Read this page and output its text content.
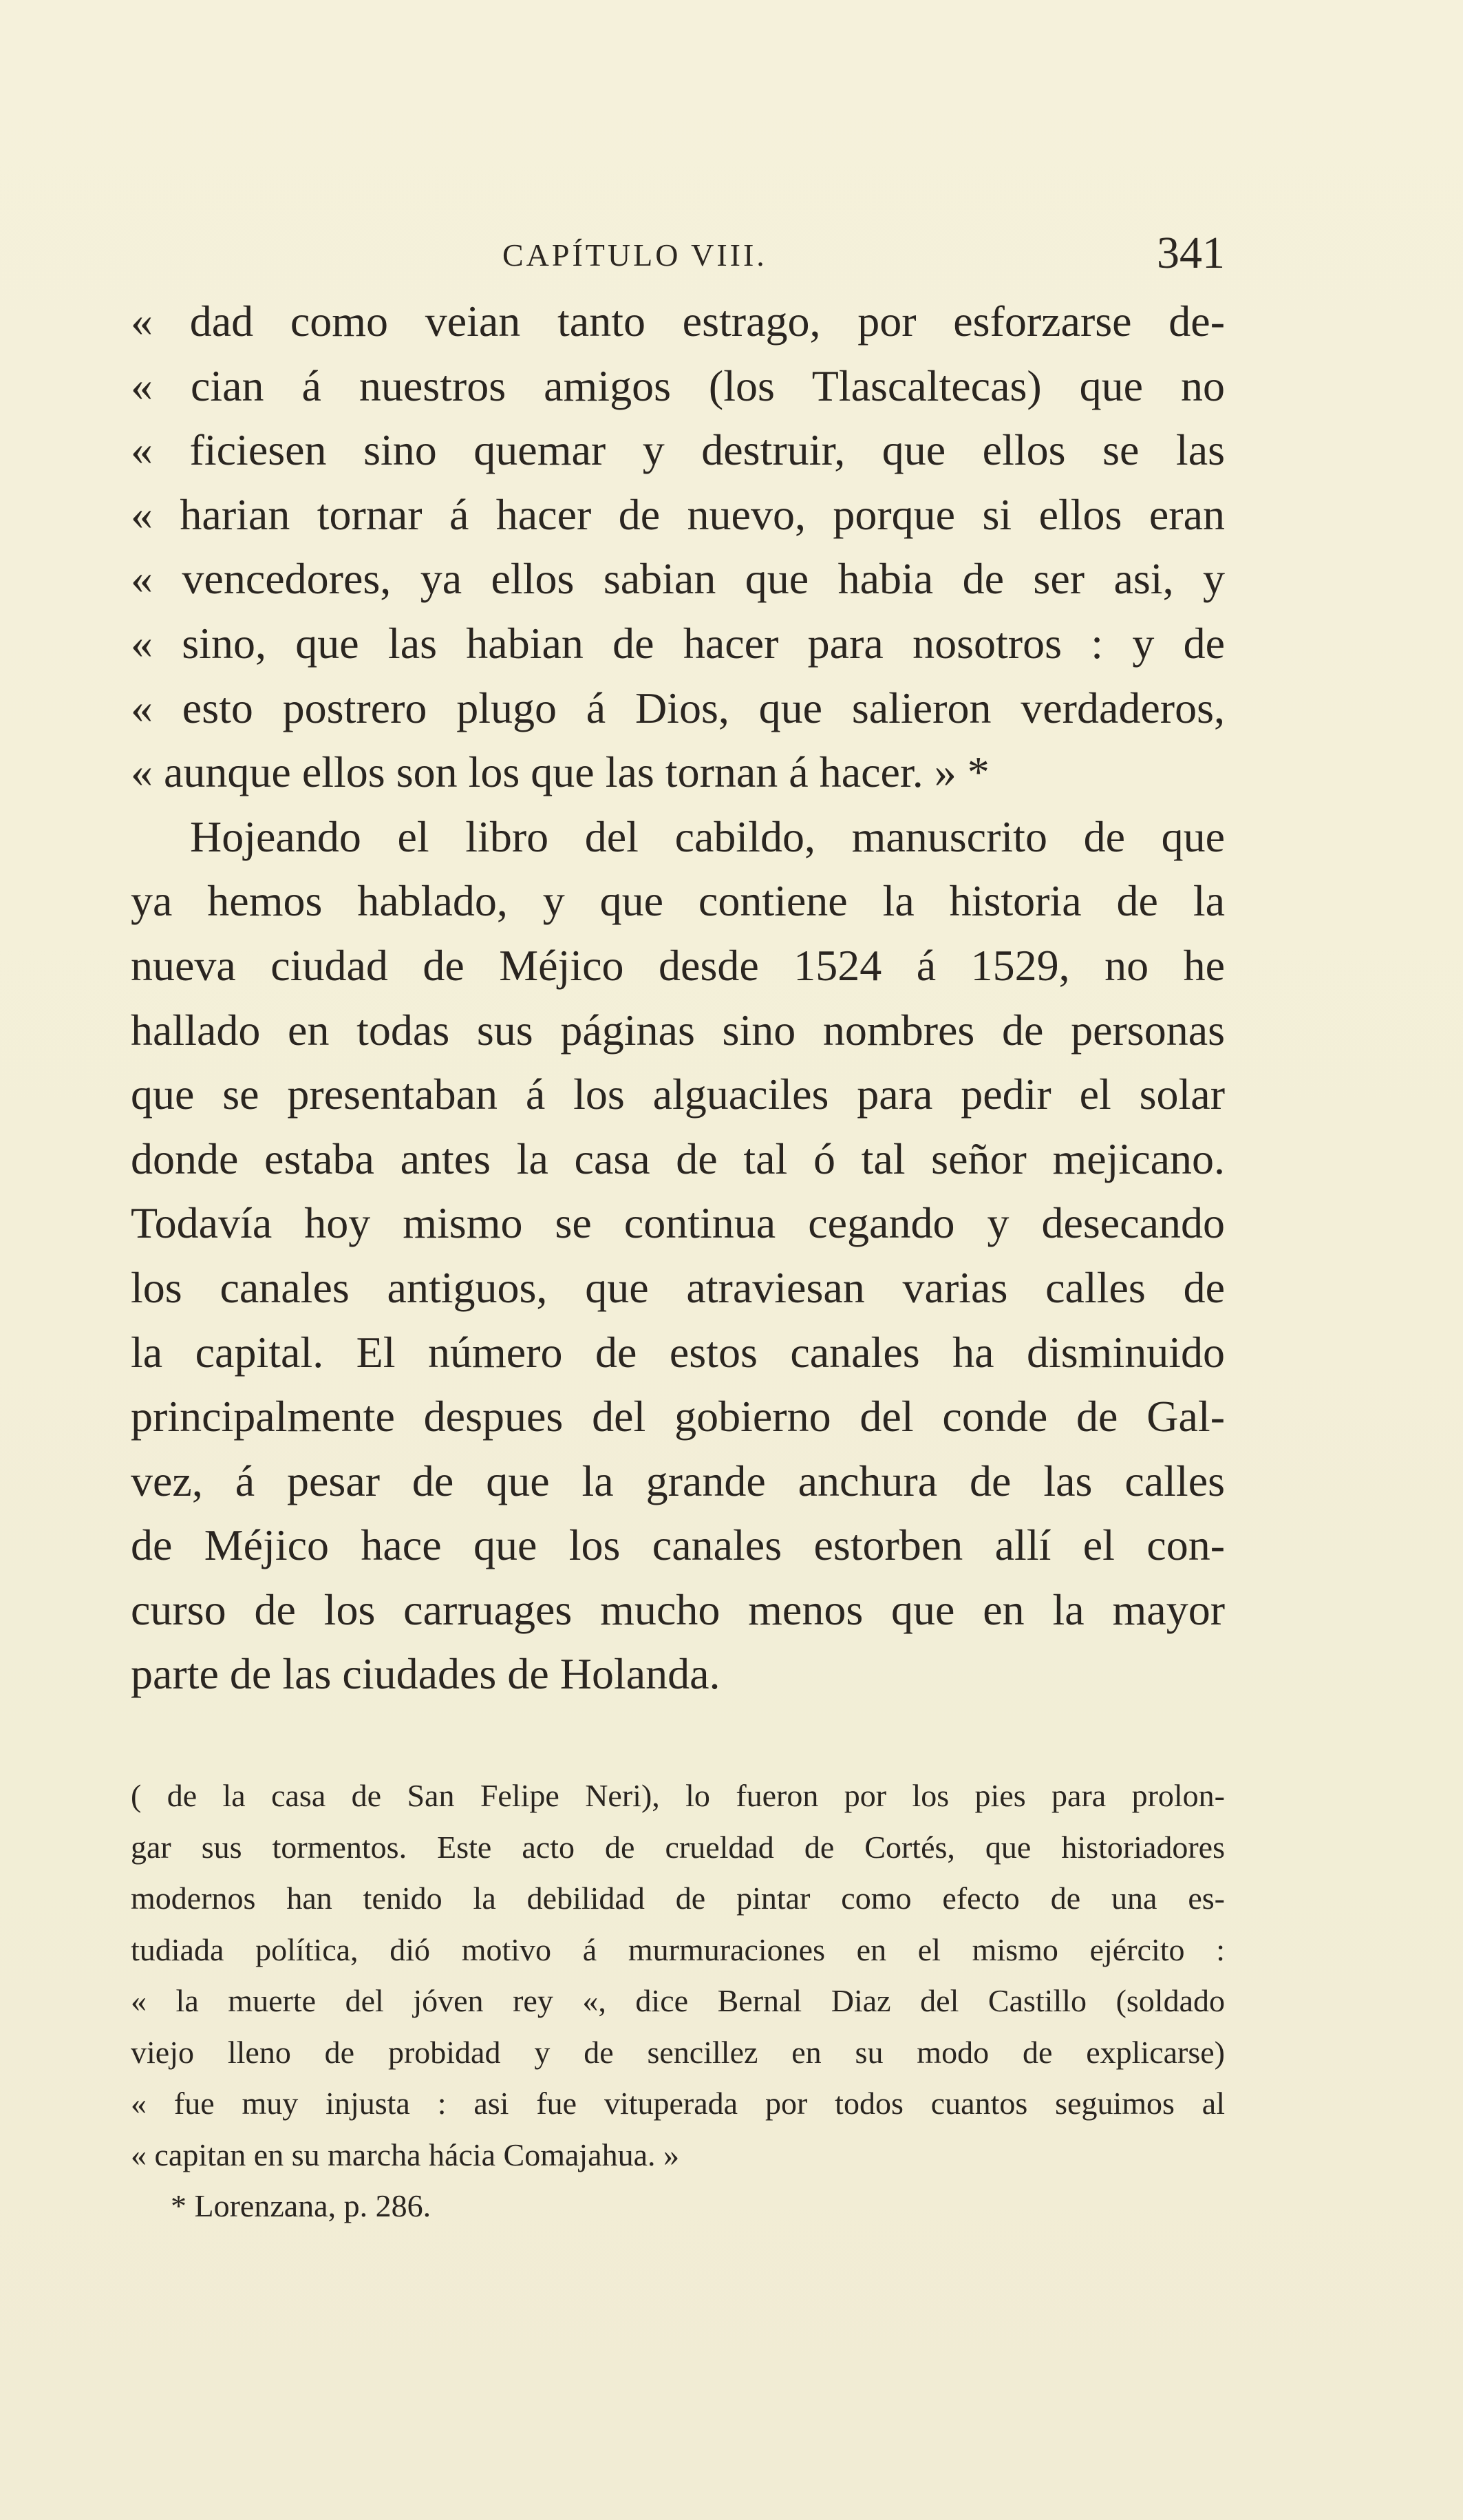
CAPÍTULO VIII.	341
« dad como veian tanto estrago, por esforzarse de-
« cian á nuestros amigos (los Tlascaltecas) que no
« ficiesen sino quemar y destruir, que ellos se las
« harian tornar á hacer de nuevo, porque si ellos eran
« vencedores, ya ellos sabian que habia de ser asi, y
« sino, que las habian de hacer para nosotros : y de
« esto postrero plugo á Dios, que salieron verdaderos,
« aunque ellos son los que las tornan á hacer. » *
Hojeando el libro del cabildo, manuscrito de que
ya hemos hablado, y que contiene la historia de la
nueva ciudad de Méjico desde 1524 á 1529, no he
hallado en todas sus páginas sino nombres de personas
que se presentaban á los alguaciles para pedir el solar
donde estaba antes la casa de tal ó tal señor mejicano.
Todavía hoy mismo se continua cegando y desecando
los canales antiguos, que atraviesan varias calles de
la capital. El número de estos canales ha disminuido
principalmente despues del gobierno del conde de Gal-
vez, á pesar de que la grande anchura de las calles
de Méjico hace que los canales estorben allí el con-
curso de los carruages mucho menos que en la mayor
parte de las ciudades de Holanda.
( de la casa de San Felipe Neri), lo fueron por los pies para prolon-
gar sus tormentos. Este acto de crueldad de Cortés, que historiadores
modernos han tenido la debilidad de pintar como efecto de una es-
tudiada política, dió motivo á murmuraciones en el mismo ejército :
« la muerte del jóven rey «, dice Bernal Diaz del Castillo (soldado
viejo lleno de probidad y de sencillez en su modo de explicarse)
« fue muy injusta : asi fue vituperada por todos cuantos seguimos al
« capitan en su marcha hácia Comajahua. »
* Lorenzana, p. 286.
